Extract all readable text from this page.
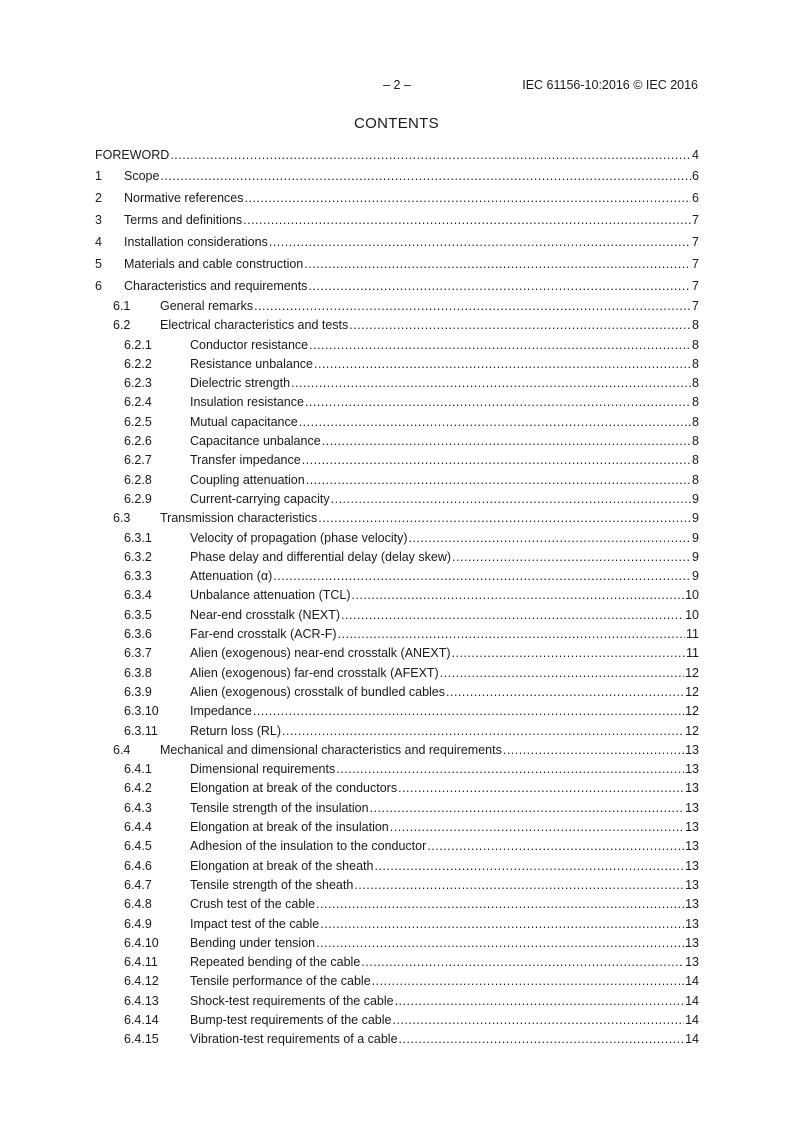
– 2 –	IEC 61156-10:2016 © IEC 2016
CONTENTS
FOREWORD .....	4
1	Scope .....	6
2	Normative references .....	6
3	Terms and definitions .....	7
4	Installation considerations .....	7
5	Materials and cable construction .....	7
6	Characteristics and requirements .....	7
6.1	General remarks .....	7
6.2	Electrical characteristics and tests .....	8
6.2.1	Conductor resistance .....	8
6.2.2	Resistance unbalance .....	8
6.2.3	Dielectric strength .....	8
6.2.4	Insulation resistance .....	8
6.2.5	Mutual capacitance .....	8
6.2.6	Capacitance unbalance .....	8
6.2.7	Transfer impedance .....	8
6.2.8	Coupling attenuation .....	8
6.2.9	Current-carrying capacity .....	9
6.3	Transmission characteristics .....	9
6.3.1	Velocity of propagation (phase velocity) .....	9
6.3.2	Phase delay and differential delay (delay skew) .....	9
6.3.3	Attenuation (α) .....	9
6.3.4	Unbalance attenuation (TCL) .....	10
6.3.5	Near-end crosstalk (NEXT) .....	10
6.3.6	Far-end crosstalk (ACR-F) .....	11
6.3.7	Alien (exogenous) near-end crosstalk (ANEXT) .....	11
6.3.8	Alien (exogenous) far-end crosstalk (AFEXT) .....	12
6.3.9	Alien (exogenous) crosstalk of bundled cables .....	12
6.3.10	Impedance .....	12
6.3.11	Return loss (RL) .....	12
6.4	Mechanical and dimensional characteristics and requirements .....	13
6.4.1	Dimensional requirements .....	13
6.4.2	Elongation at break of the conductors .....	13
6.4.3	Tensile strength of the insulation .....	13
6.4.4	Elongation at break of the insulation .....	13
6.4.5	Adhesion of the insulation to the conductor .....	13
6.4.6	Elongation at break of the sheath .....	13
6.4.7	Tensile strength of the sheath .....	13
6.4.8	Crush test of the cable .....	13
6.4.9	Impact test of the cable .....	13
6.4.10	Bending under tension .....	13
6.4.11	Repeated bending of the cable .....	13
6.4.12	Tensile performance of the cable .....	14
6.4.13	Shock-test requirements of the cable .....	14
6.4.14	Bump-test requirements of the cable .....	14
6.4.15	Vibration-test requirements of a cable .....	14
